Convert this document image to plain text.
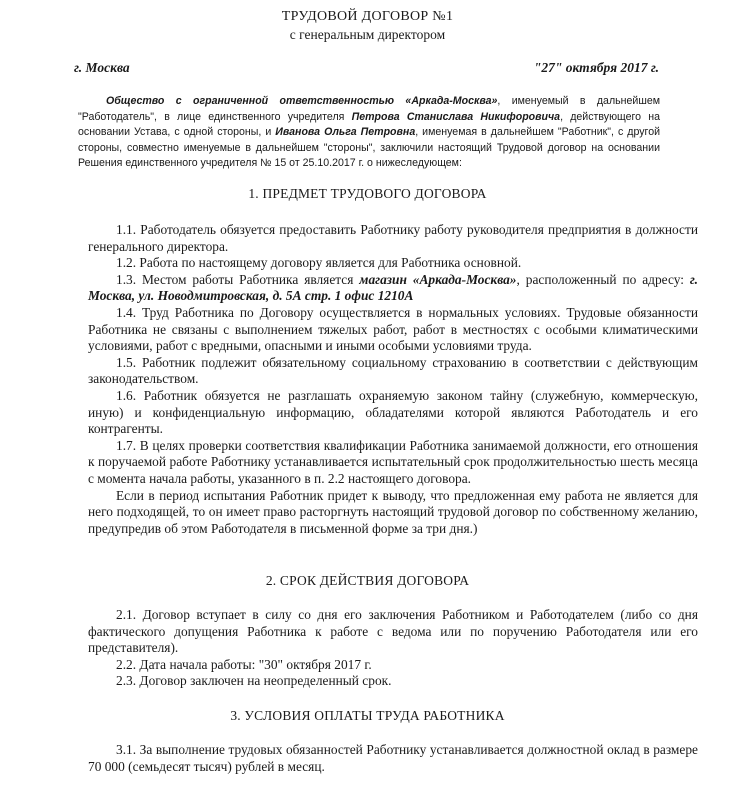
ТРУДОВОЙ ДОГОВОР №1
с генеральным директором
г. Москва	"27" октября 2017 г.
Общество с ограниченной ответственностью «Аркада-Москва», именуемый в дальнейшем "Работодатель", в лице единственного учредителя Петрова Станислава Никифоровича, действующего на основании Устава, с одной стороны, и Иванова Ольга Петровна, именуемая в дальнейшем "Работник", с другой стороны, совместно именуемые в дальнейшем "стороны", заключили настоящий Трудовой договор на основании Решения единственного учредителя № 15 от 25.10.2017 г. о нижеследующем:
1. ПРЕДМЕТ ТРУДОВОГО ДОГОВОРА

1.1. Работодатель обязуется предоставить Работнику работу руководителя предприятия в должности генерального директора.

1.2. Работа по настоящему договору является для Работника основной.

1.3. Местом работы Работника является магазин «Аркада-Москва», расположенный по адресу: г. Москва, ул. Новодмитровская, д. 5А стр. 1 офис 1210А

1.4. Труд Работника по Договору осуществляется в нормальных условиях. Трудовые обязанности Работника не связаны с выполнением тяжелых работ, работ в местностях с особыми климатическими условиями, работ с вредными, опасными и иными особыми условиями труда.

1.5. Работник подлежит обязательному социальному страхованию в соответствии с действующим законодательством.

1.6. Работник обязуется не разглашать охраняемую законом тайну (служебную, коммерческую, иную) и конфиденциальную информацию, обладателями которой являются Работодатель и его контрагенты.

1.7. В целях проверки соответствия квалификации Работника занимаемой должности, его отношения к поручаемой работе Работнику устанавливается испытательный срок продолжительностью шесть месяца с момента начала работы, указанного в п. 2.2 настоящего договора.

Если в период испытания Работник придет к выводу, что предложенная ему работа не является для него подходящей, то он имеет право расторгнуть настоящий трудовой договор по собственному желанию, предупредив об этом Работодателя в письменной форме за три дня.)

2. СРОК ДЕЙСТВИЯ ДОГОВОРА

2.1. Договор вступает в силу со дня его заключения Работником и Работодателем (либо со дня фактического допущения Работника к работе с ведома или по поручению Работодателя или его представителя).

2.2. Дата начала работы: "30" октября 2017 г.

2.3. Договор заключен на неопределенный срок.

3. УСЛОВИЯ ОПЛАТЫ ТРУДА РАБОТНИКА

3.1. За выполнение трудовых обязанностей Работнику устанавливается должностной оклад в размере 70 000 (семьдесят тысяч) рублей в месяц.
